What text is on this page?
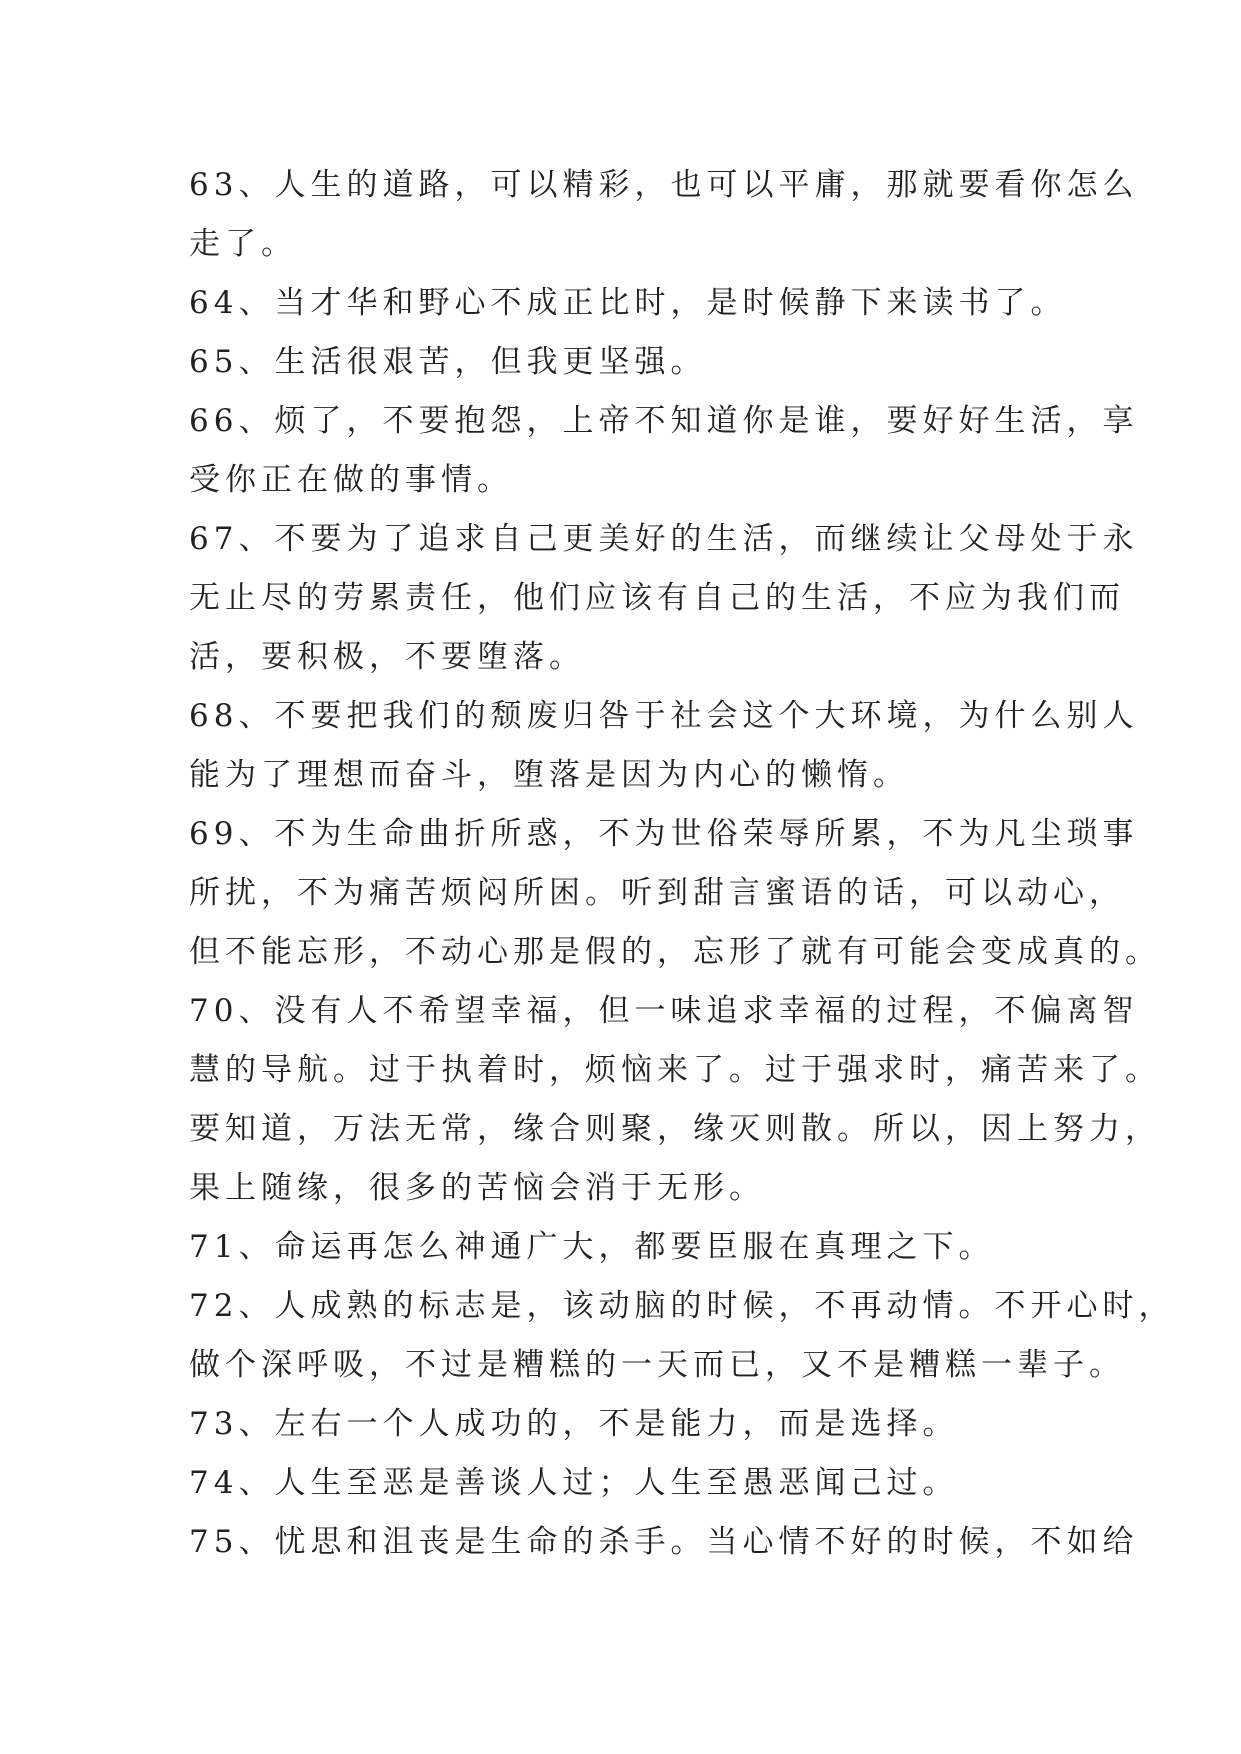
63、人生的道路，可以精彩，也可以平庸，那就要看你怎么
走了。

64、当才华和野心不成正比时，是时候静下来读书了。

65、生活很艰苦，但我更坚强。

66、烦了，不要抱怨，上帝不知道你是谁，要好好生活，享
受你正在做的事情。

67、不要为了追求自己更美好的生活，而继续让父母处于永
无止尽的劳累责任，他们应该有自己的生活，不应为我们而
活，要积极，不要堕落。

68、不要把我们的颓废归咎于社会这个大环境，为什么别人
能为了理想而奋斗，堕落是因为内心的懒惰。

69、不为生命曲折所惑，不为世俗荣辱所累，不为凡尘琐事
所扰，不为痛苦烦闷所困。听到甜言蜜语的话，可以动心，
但不能忘形，不动心那是假的，忘形了就有可能会变成真的。

70、没有人不希望幸福，但一味追求幸福的过程，不偏离智
慧的导航。过于执着时，烦恼来了。过于强求时，痛苦来了。
要知道，万法无常，缘合则聚，缘灭则散。所以，因上努力，
果上随缘，很多的苦恼会消于无形。

71、命运再怎么神通广大，都要臣服在真理之下。

72、人成熟的标志是，该动脑的时候，不再动情。不开心时，
做个深呼吸，不过是糟糕的一天而已，又不是糟糕一辈子。

73、左右一个人成功的，不是能力，而是选择。

74、人生至恶是善谈人过；人生至愚恶闻己过。

75、忧思和沮丧是生命的杀手。当心情不好的时候，不如给
